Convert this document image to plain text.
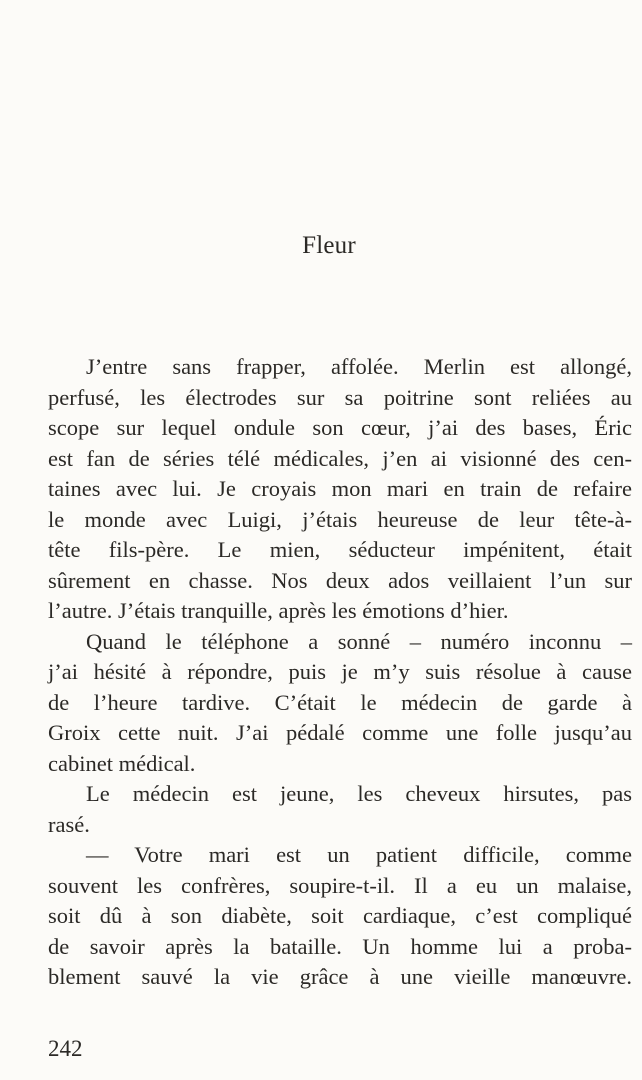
Fleur
J’entre sans frapper, affolée. Merlin est allongé,
perfusé, les électrodes sur sa poitrine sont reliées au
scope sur lequel ondule son cœur, j’ai des bases, Éric
est fan de séries télé médicales, j’en ai visionné des cen-
taines avec lui. Je croyais mon mari en train de refaire
le monde avec Luigi, j’étais heureuse de leur tête-à-
tête fils-père. Le mien, séducteur impénitent, était
sûrement en chasse. Nos deux ados veillaient l’un sur
l’autre. J’étais tranquille, après les émotions d’hier.
Quand le téléphone a sonné – numéro inconnu –
j’ai hésité à répondre, puis je m’y suis résolue à cause
de l’heure tardive. C’était le médecin de garde à
Groix cette nuit. J’ai pédalé comme une folle jusqu’au
cabinet médical.
Le médecin est jeune, les cheveux hirsutes, pas
rasé.
— Votre mari est un patient difficile, comme
souvent les confrères, soupire-t-il. Il a eu un malaise,
soit dû à son diabète, soit cardiaque, c’est compliqué
de savoir après la bataille. Un homme lui a proba-
blement sauvé la vie grâce à une vieille manœuvre.

242
